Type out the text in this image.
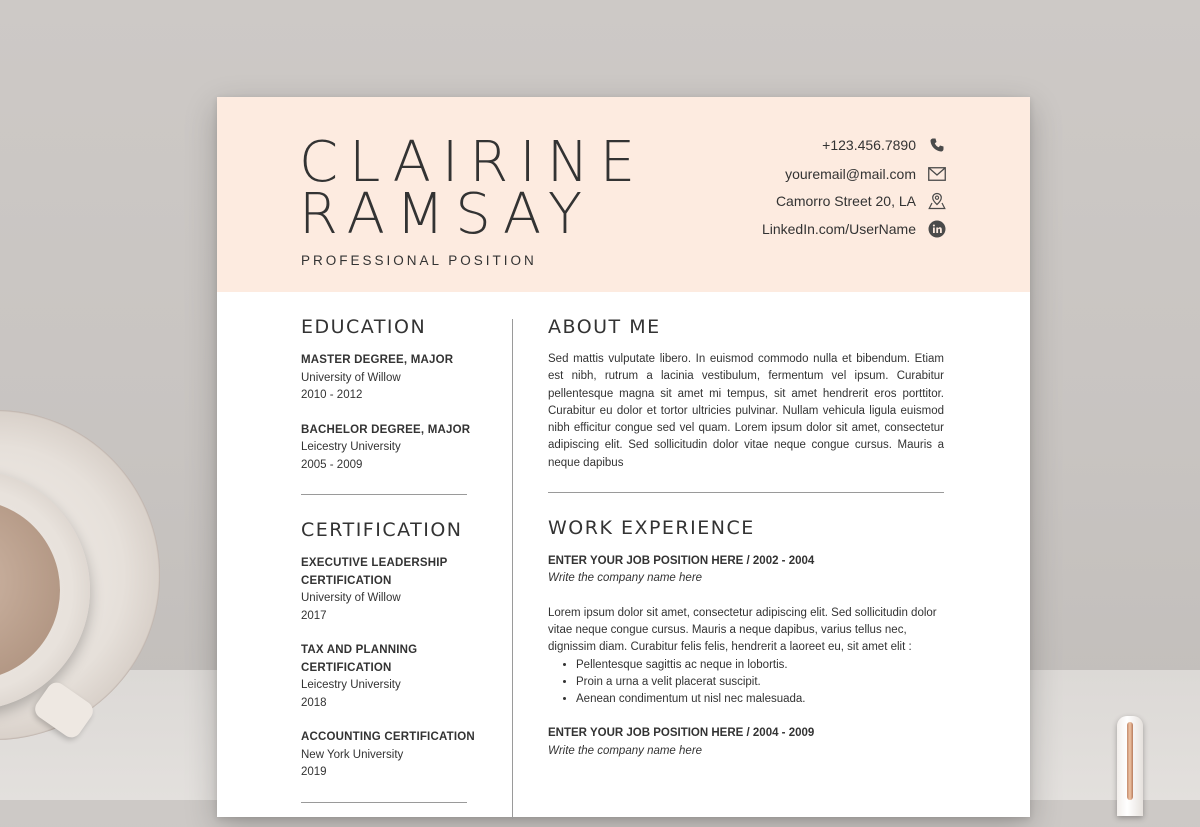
CLAIRINE
RAMSAY
PROFESSIONAL POSITION
+123.456.7890
youremail@mail.com
Camorro Street 20, LA
LinkedIn.com/UserName
EDUCATION
MASTER DEGREE, MAJOR
University of Willow
2010 - 2012
BACHELOR DEGREE, MAJOR
Leicestry University
2005 - 2009
CERTIFICATION
EXECUTIVE LEADERSHIP CERTIFICATION
University of Willow
2017
TAX AND PLANNING CERTIFICATION
Leicestry University
2018
ACCOUNTING CERTIFICATION
New York University
2019
ABOUT ME
Sed mattis vulputate libero. In euismod commodo nulla et bibendum. Etiam est nibh, rutrum a lacinia vestibulum, fermentum vel ipsum. Curabitur pellentesque magna sit amet mi tempus, sit amet hendrerit eros porttitor. Curabitur eu dolor et tortor ultricies pulvinar. Nullam vehicula ligula euismod nibh efficitur congue sed vel quam. Lorem ipsum dolor sit amet, consectetur adipiscing elit. Sed sollicitudin dolor vitae neque congue cursus. Mauris a neque dapibus
WORK EXPERIENCE
ENTER YOUR JOB POSITION HERE / 2002 - 2004
Write the company name here
Lorem ipsum dolor sit amet, consectetur adipiscing elit. Sed sollicitudin dolor vitae neque congue cursus. Mauris a neque dapibus, varius tellus nec, dignissim diam. Curabitur felis felis, hendrerit a laoreet eu, sit amet elit :
• Pellentesque sagittis ac neque in lobortis.
• Proin a urna a velit placerat suscipit.
• Aenean condimentum ut nisl nec malesuada.
ENTER YOUR JOB POSITION HERE / 2004 - 2009
Write the company name here
